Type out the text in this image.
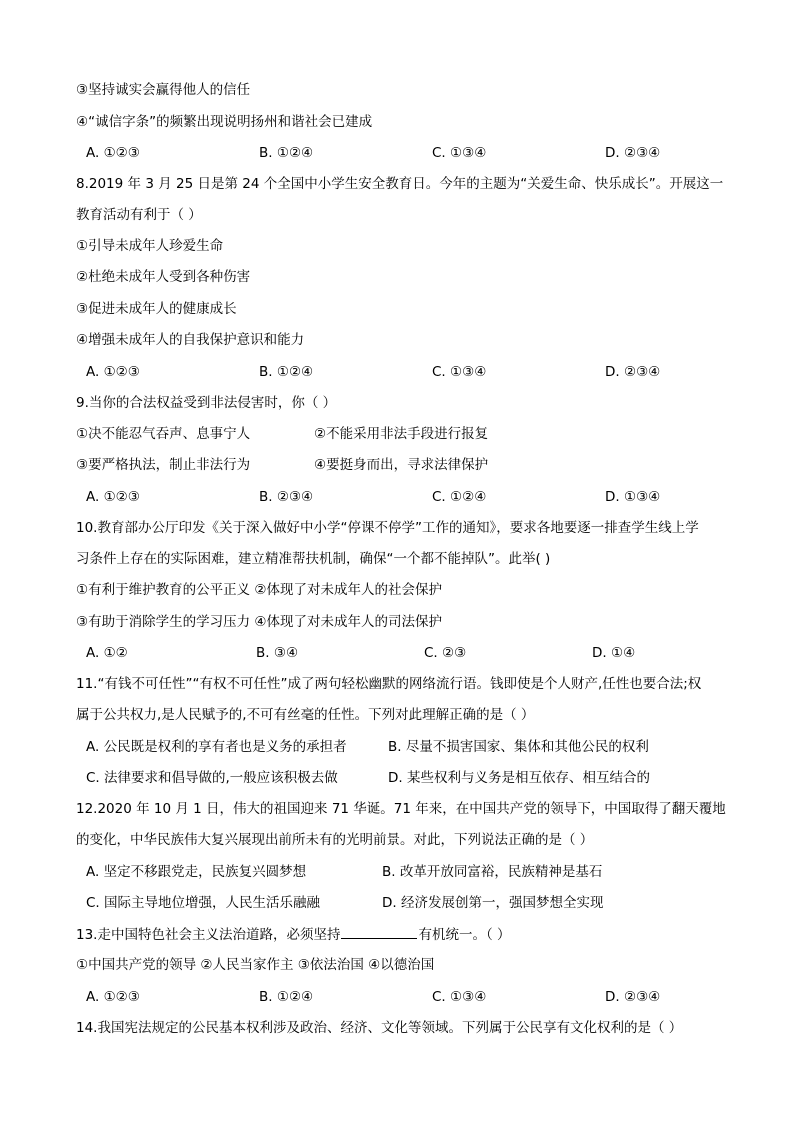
③坚持诚实会赢得他人的信任
④“诚信字条”的频繁出现说明扬州和谐社会已建成
A. ①②③	B. ①②④	C. ①③④	D. ②③④
8.2019 年 3 月 25 日是第 24 个全国中小学生安全教育日。今年的主题为“关爱生命、快乐成长”。开展这一
教育活动有利于（ ）
①引导未成年人珍爱生命
②杜绝未成年人受到各种伤害
③促进未成年人的健康成长
④增强未成年人的自我保护意识和能力
A. ①②③	B. ①②④	C. ①③④	D. ②③④
9.当你的合法权益受到非法侵害时，你（ ）
①决不能忍气吞声、息事宁人	②不能采用非法手段进行报复
③要严格执法，制止非法行为	④要挺身而出，寻求法律保护
A. ①②③	B. ②③④	C. ①②④	D. ①③④
10.教育部办公厅印发《关于深入做好中小学“停课不停学”工作的通知》，要求各地要逐一排查学生线上学
习条件上存在的实际困难，建立精准帮扶机制，确保“一个都不能掉队”。此举( )
①有利于维护教育的公平正义 ②体现了对未成年人的社会保护
③有助于消除学生的学习压力 ④体现了对未成年人的司法保护
A. ①②	B. ③④	C. ②③	D. ①④
11.“有钱不可任性”“有权不可任性”成了两句轻松幽默的网络流行语。钱即使是个人财产,任性也要合法;权
属于公共权力,是人民赋予的,不可有丝毫的任性。下列对此理解正确的是（ ）
A. 公民既是权利的享有者也是义务的承担者	B. 尽量不损害国家、集体和其他公民的权利
C. 法律要求和倡导做的,一般应该积极去做	D. 某些权利与义务是相互依存、相互结合的
12.2020 年 10 月 1 日，伟大的祖国迎来 71 华诞。71 年来，在中国共产党的领导下，中国取得了翻天覆地
的变化，中华民族伟大复兴展现出前所未有的光明前景。对此，下列说法正确的是（ ）
A. 坚定不移跟党走，民族复兴圆梦想	B. 改革开放同富裕，民族精神是基石
C. 国际主导地位增强，人民生活乐融融	D. 经济发展创第一，强国梦想全实现
13.走中国特色社会主义法治道路，必须坚持	有机统一。（ ）
①中国共产党的领导 ②人民当家作主 ③依法治国 ④以德治国
A. ①②③	B. ①②④	C. ①③④	D. ②③④
14.我国宪法规定的公民基本权利涉及政治、经济、文化等领域。下列属于公民享有文化权利的是（ ）
